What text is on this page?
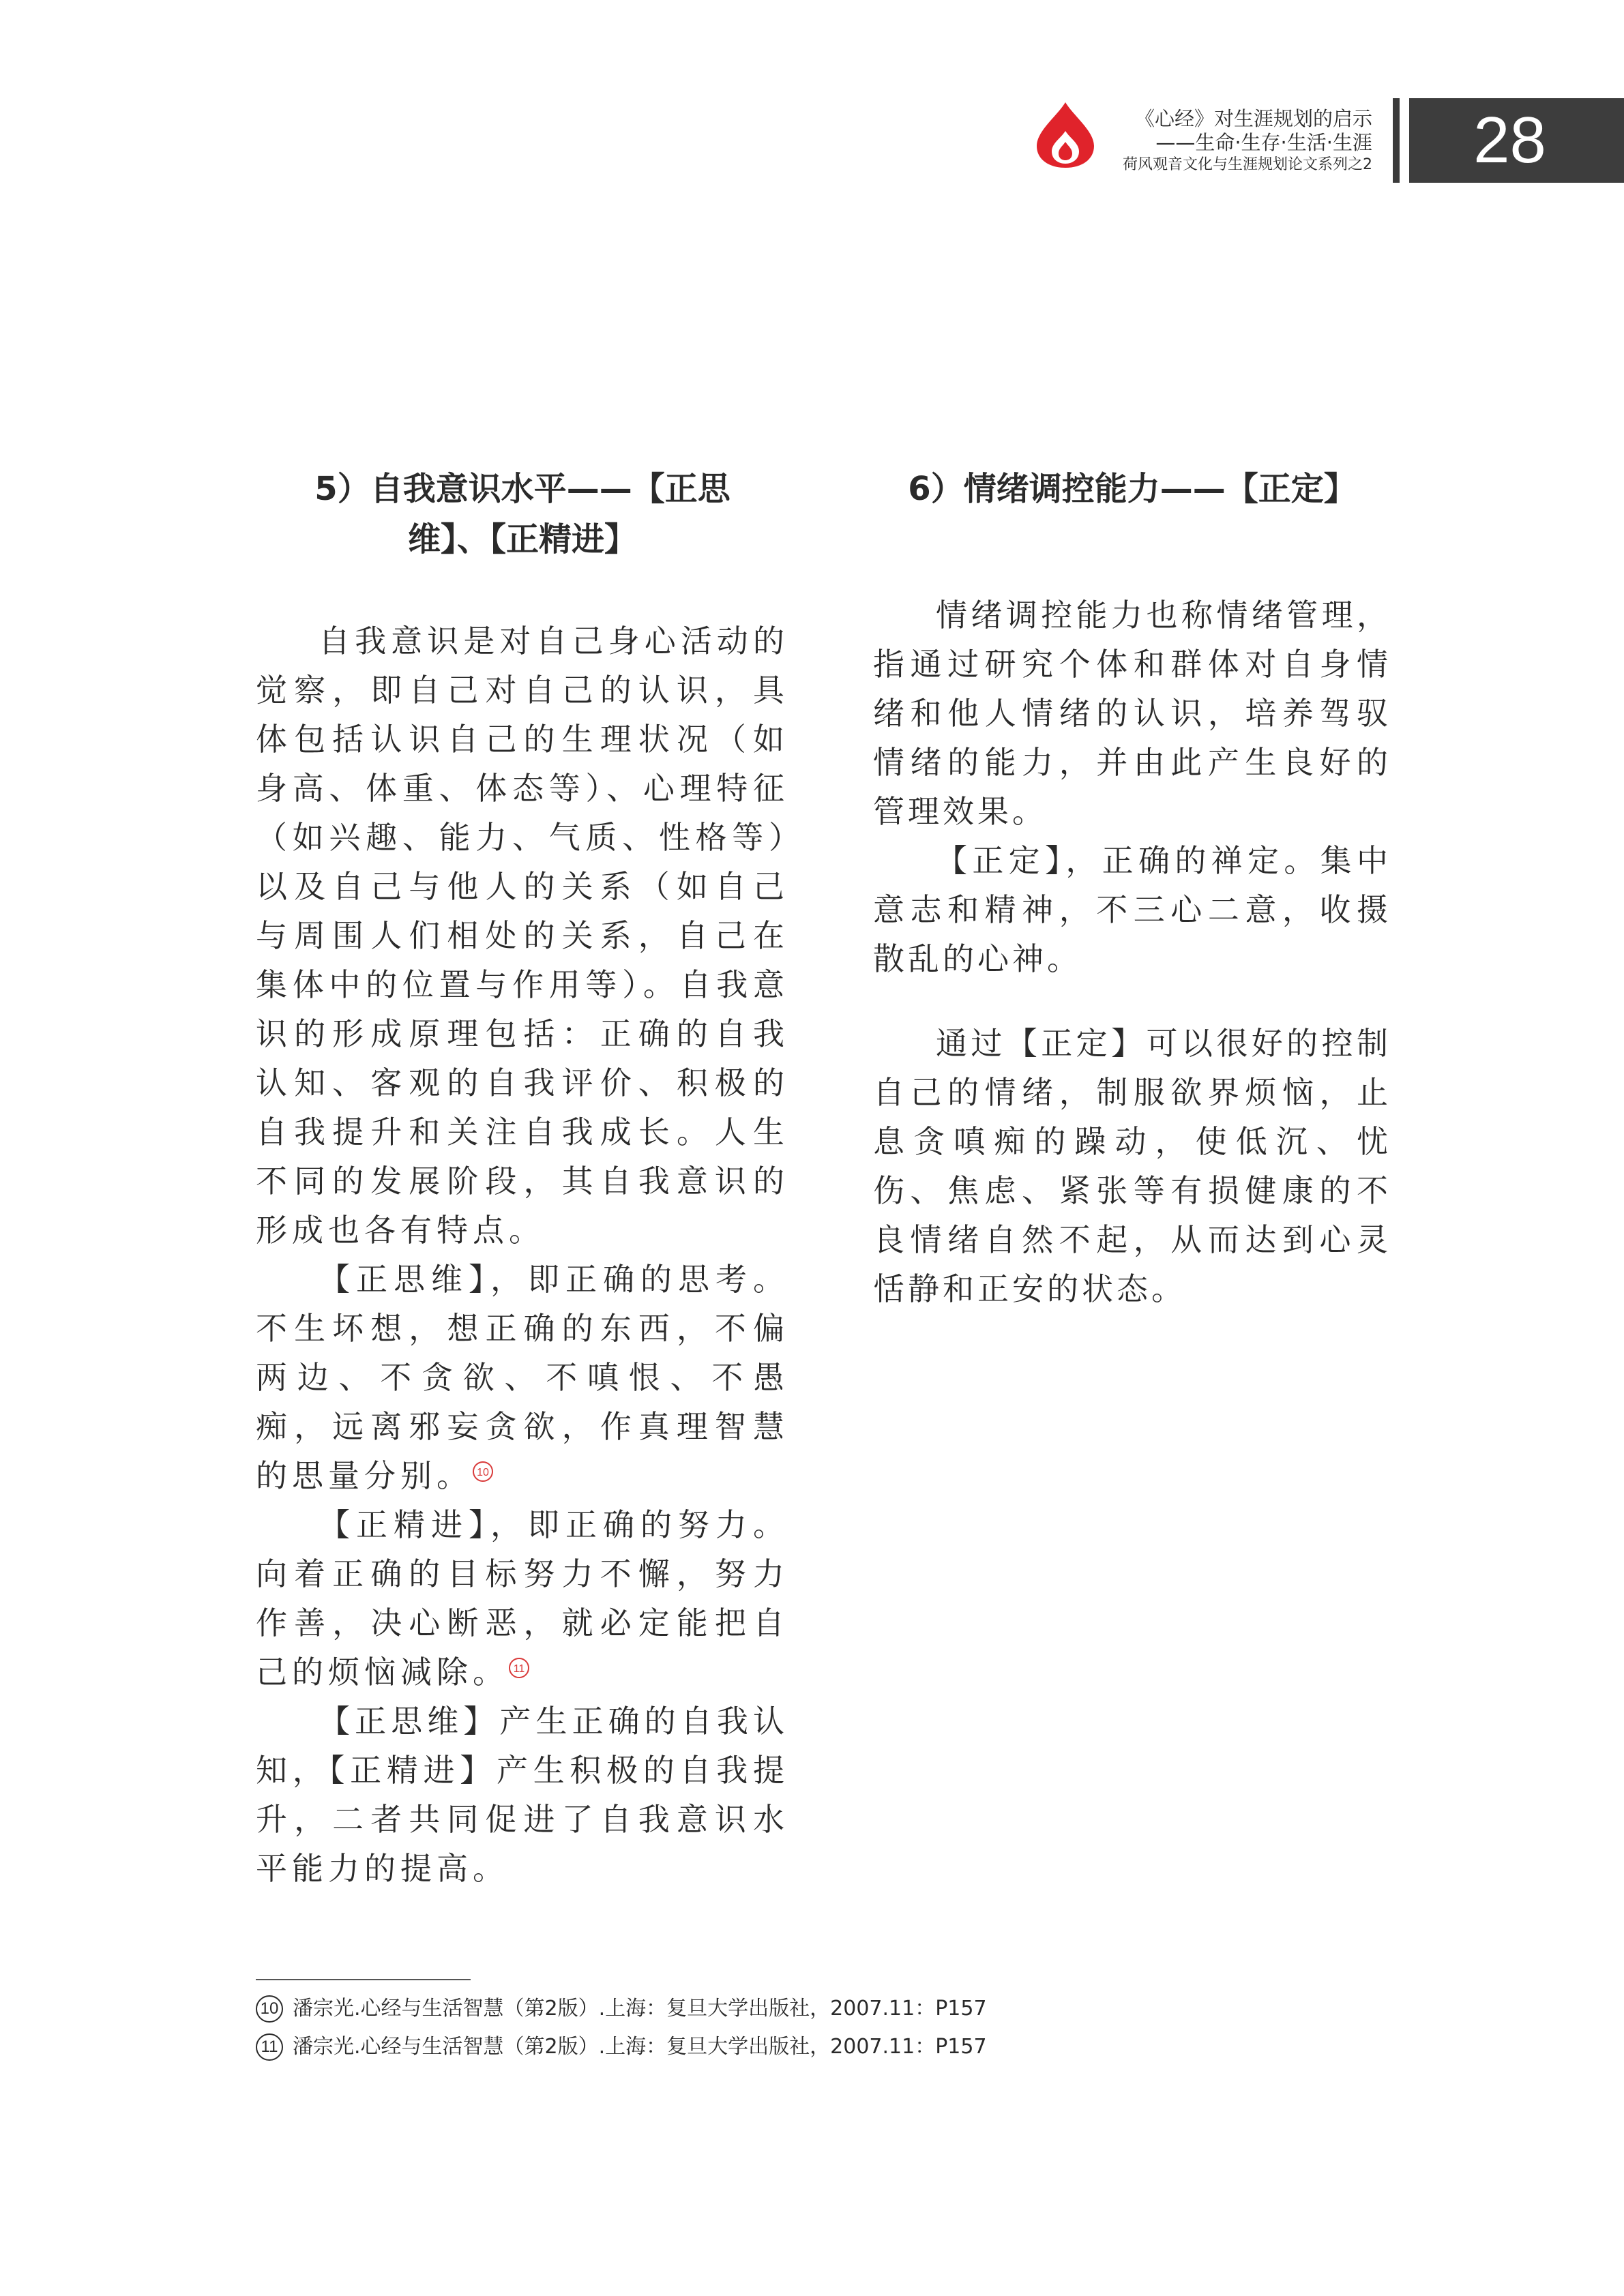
《心经》对生涯规划的启示
——生命·生存·生活·生涯
荷风观音文化与生涯规划论文系列之2	28
5）自我意识水平——【正思
维】、【正精进】

自我意识是对自己身心活动的觉察，即自己对自己的认识，具体包括认识自己的生理状况（如身高、体重、体态等）、心理特征（如兴趣、能力、气质、性格等）以及自己与他人的关系（如自己与周围人们相处的关系，自己在集体中的位置与作用等）。自我意识的形成原理包括：正确的自我认知、客观的自我评价、积极的自我提升和关注自我成长。人生不同的发展阶段，其自我意识的形成也各有特点。

【正思维】，即正确的思考。不生坏想，想正确的东西，不偏两边、不贪欲、不嗔恨、不愚痴，远离邪妄贪欲，作真理智慧的思量分别。 10

【正精进】，即正确的努力。向着正确的目标努力不懈，努力作善，决心断恶，就必定能把自己的烦恼减除。 11

【正思维】产生正确的自我认知，【正精进】产生积极的自我提升，二者共同促进了自我意识水平能力的提高。

6）情绪调控能力——【正定】

情绪调控能力也称情绪管理，指通过研究个体和群体对自身情绪和他人情绪的认识，培养驾驭情绪的能力，并由此产生良好的管理效果。

【正定】，正确的禅定。集中意志和精神，不三心二意，收摄散乱的心神。

通过【正定】可以很好的控制自己的情绪，制服欲界烦恼，止息贪嗔痴的躁动，使低沉、忧伤、焦虑、紧张等有损健康的不良情绪自然不起，从而达到心灵恬静和正安的状态。

10 潘宗光.心经与生活智慧（第2版）.上海：复旦大学出版社，2007.11：P157
11 潘宗光.心经与生活智慧（第2版）.上海：复旦大学出版社，2007.11：P157
